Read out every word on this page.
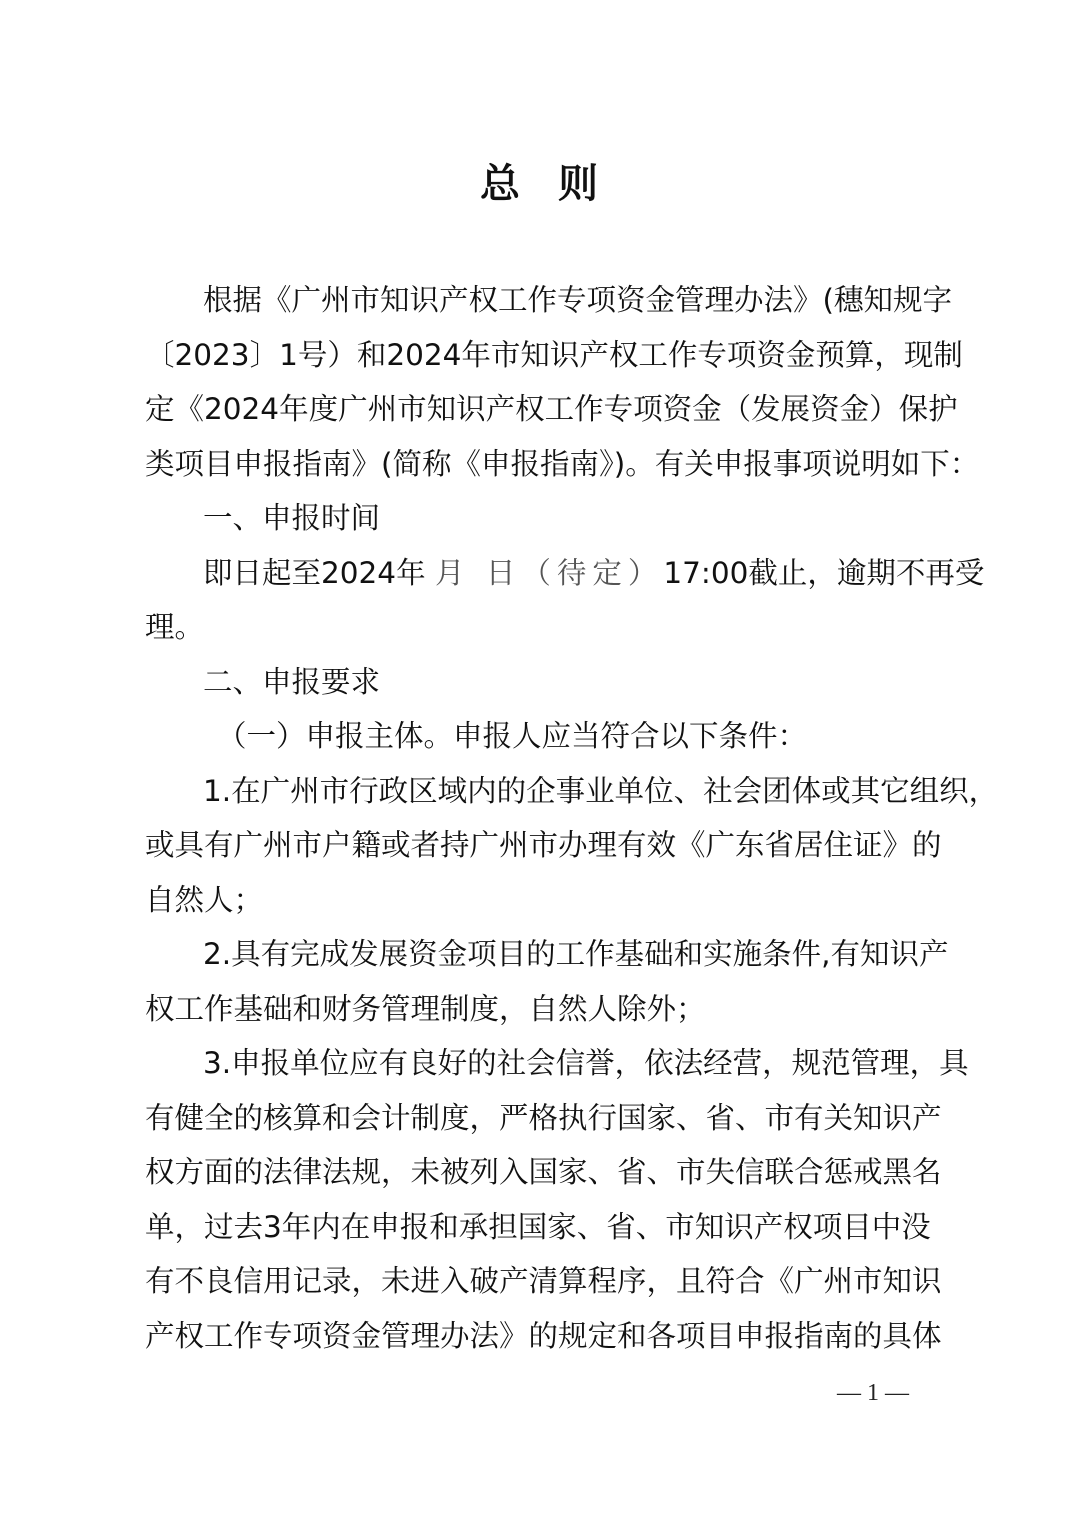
总 则
根据《广州市知识产权工作专项资金管理办法》(穗知规字
〔2023〕1号）和2024年市知识产权工作专项资金预算，现制
定《2024年度广州市知识产权工作专项资金（发展资金）保护
类项目申报指南》(简称《申报指南》)。有关申报事项说明如下：
一、申报时间
即日起至2024年 月 日（待定）17:00截止，逾期不再受
理。
二、申报要求
（一）申报主体。申报人应当符合以下条件：
1.在广州市行政区域内的企事业单位、社会团体或其它组织，
或具有广州市户籍或者持广州市办理有效《广东省居住证》的
自然人；
2.具有完成发展资金项目的工作基础和实施条件,有知识产
权工作基础和财务管理制度，自然人除外；
3.申报单位应有良好的社会信誉，依法经营，规范管理，具
有健全的核算和会计制度，严格执行国家、省、市有关知识产
权方面的法律法规，未被列入国家、省、市失信联合惩戒黑名
单，过去3年内在申报和承担国家、省、市知识产权项目中没
有不良信用记录，未进入破产清算程序，且符合《广州市知识
产权工作专项资金管理办法》的规定和各项目申报指南的具体
— 1 —
